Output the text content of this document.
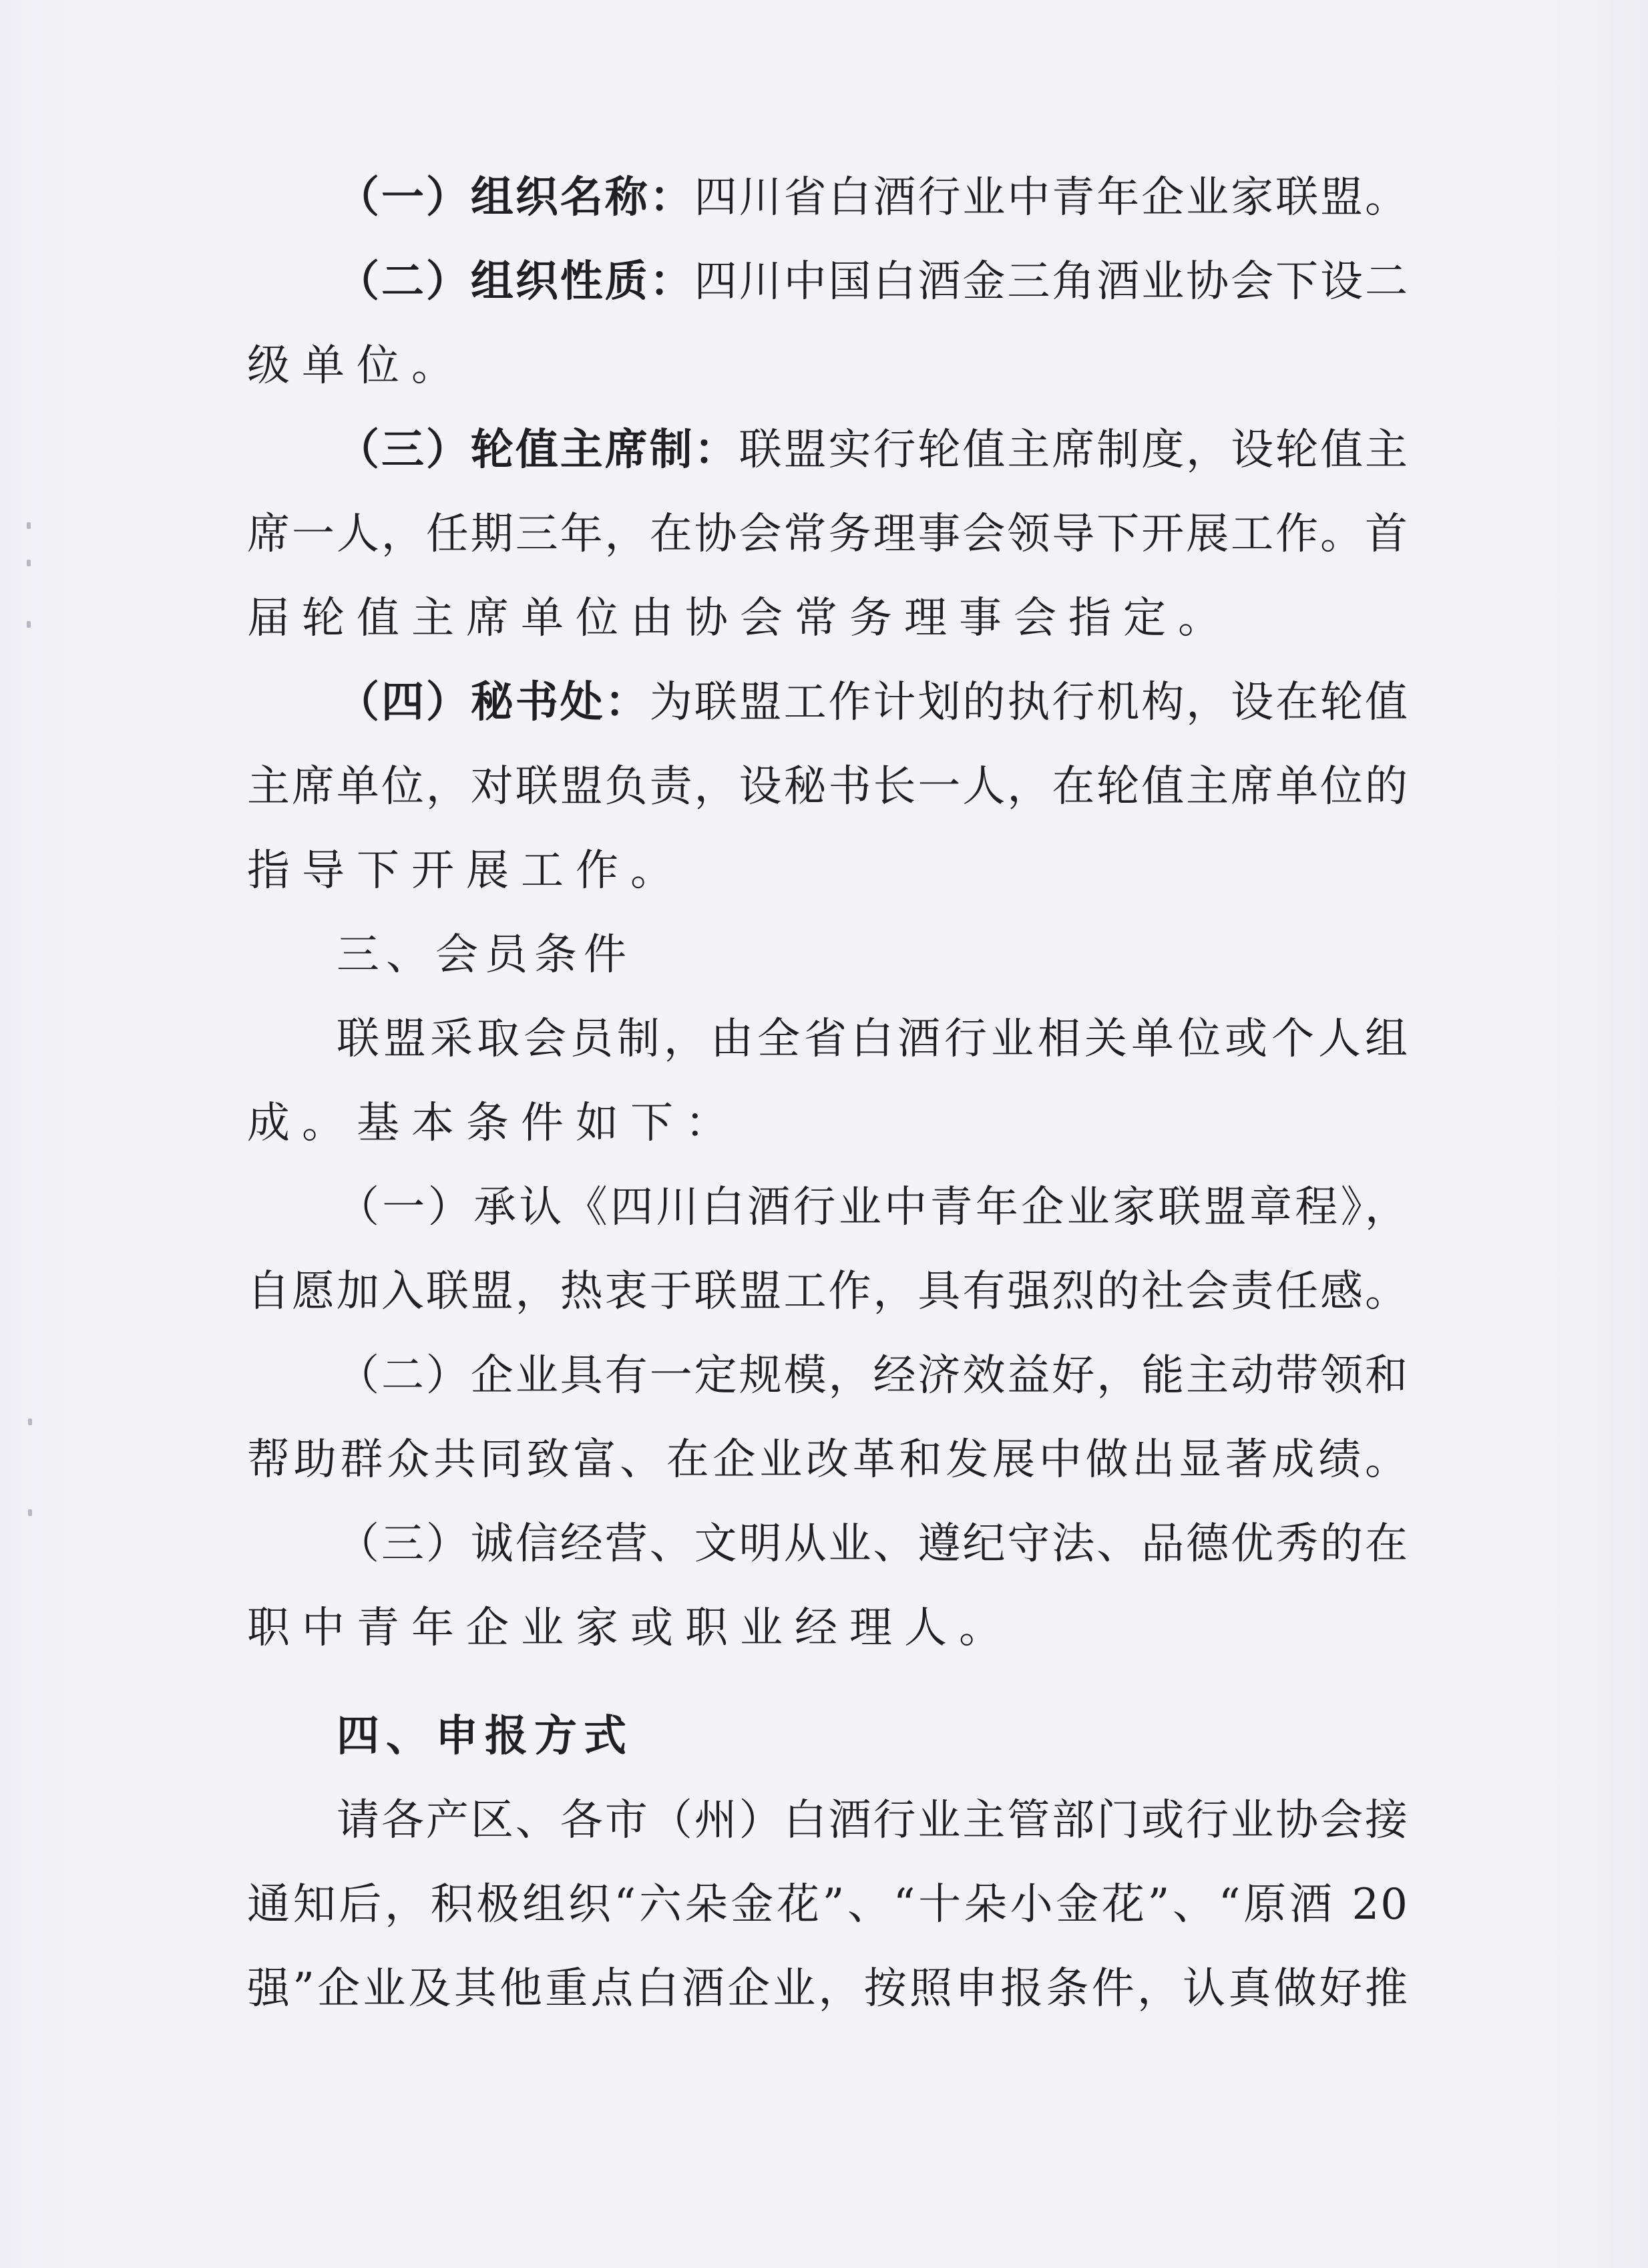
（一）组织名称：四川省白酒行业中青年企业家联盟。
（二）组织性质：四川中国白酒金三角酒业协会下设二
级单位。
（三）轮值主席制：联盟实行轮值主席制度，设轮值主
席一人，任期三年，在协会常务理事会领导下开展工作。首
届轮值主席单位由协会常务理事会指定。
（四）秘书处：为联盟工作计划的执行机构，设在轮值
主席单位，对联盟负责，设秘书长一人，在轮值主席单位的
指导下开展工作。
三、会员条件
联盟采取会员制，由全省白酒行业相关单位或个人组
成。基本条件如下：
（一）承认《四川白酒行业中青年企业家联盟章程》，
自愿加入联盟，热衷于联盟工作，具有强烈的社会责任感。
（二）企业具有一定规模，经济效益好，能主动带领和
帮助群众共同致富、在企业改革和发展中做出显著成绩。
（三）诚信经营、文明从业、遵纪守法、品德优秀的在
职中青年企业家或职业经理人。
四、申报方式
请各产区、各市（州）白酒行业主管部门或行业协会接
通知后，积极组织“六朵金花”、“十朵小金花”、“原酒 20
强”企业及其他重点白酒企业，按照申报条件，认真做好推
